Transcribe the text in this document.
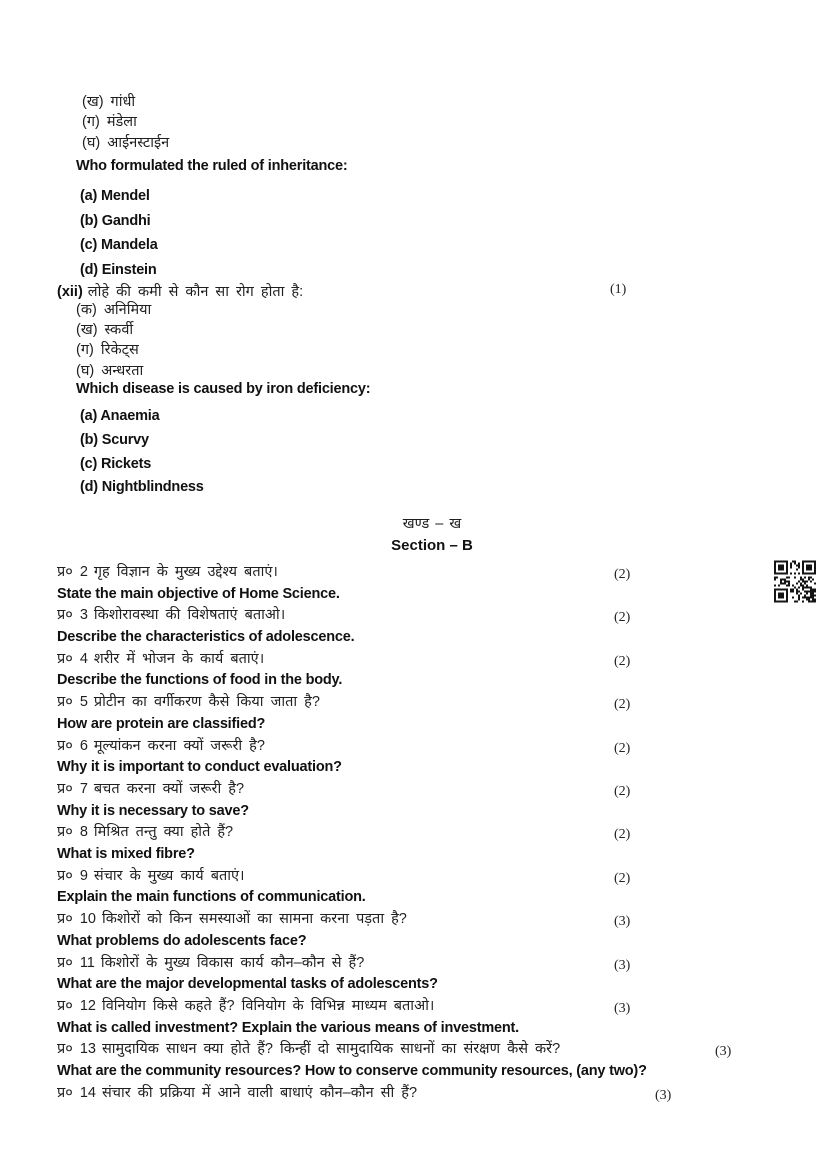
(ख) गांधी
(ग) मंडेला
(घ) आईनस्टाईन
Who formulated the ruled of inheritance:
(a) Mendel
(b) Gandhi
(c) Mandela
(d) Einstein
(xii) लोहे की कमी से कौन सा रोग होता है:	(1)
(क) अनिमिया
(ख) स्कर्वी
(ग) रिकेट्स
(घ) अन्धरता
Which disease is caused by iron deficiency:
(a) Anaemia
(b) Scurvy
(c) Rickets
(d) Nightblindness
खण्ड – ख
Section – B
प्र० 2 गृह विज्ञान के मुख्य उद्देश्य बताएं।	(2)
State the main objective of Home Science.
प्र० 3 किशोरावस्था की विशेषताएं बताओ।	(2)
Describe the characteristics of adolescence.
प्र० 4 शरीर में भोजन के कार्य बताएं।	(2)
Describe the functions of food in the body.
प्र० 5 प्रोटीन का वर्गीकरण कैसे किया जाता है?	(2)
How are protein are classified?
प्र० 6 मूल्यांकन करना क्यों जरूरी है?	(2)
Why it is important to conduct evaluation?
प्र० 7 बचत करना क्यों जरूरी है?	(2)
Why it is necessary to save?
प्र० 8 मिश्रित तन्तु क्या होते हैं?	(2)
What is mixed fibre?
प्र० 9 संचार के मुख्य कार्य बताएं।	(2)
Explain the main functions of communication.
प्र० 10 किशोरों को किन समस्याओं का सामना करना पड़ता है?	(3)
What problems do adolescents face?
प्र० 11 किशोरों के मुख्य विकास कार्य कौन–कौन से हैं?	(3)
What are the major developmental tasks of adolescents?
प्र० 12 विनियोग किसे कहते हैं? विनियोग के विभिन्न माध्यम बताओ।	(3)
What is called investment? Explain the various means of investment.
प्र० 13 सामुदायिक साधन क्या होते हैं? किन्हीं दो सामुदायिक साधनों का संरक्षण कैसे करें?	(3)
What are the community resources? How to conserve community resources, (any two)?
प्र० 14 संचार की प्रक्रिया में आने वाली बाधाएं कौन–कौन सी हैं?	(3)
